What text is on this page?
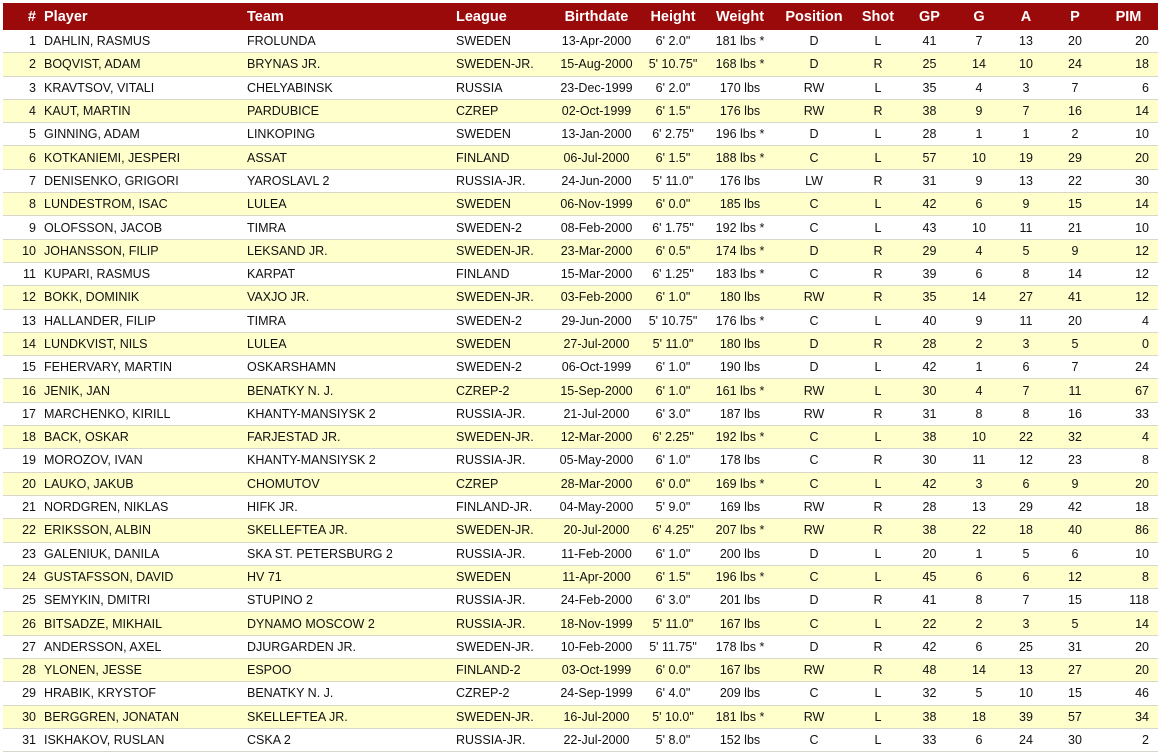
#	Player	Team	League	Birthdate	Height	Weight	Position	Shot	GP	G	A	P	PIM
1	DAHLIN, RASMUS	FROLUNDA	SWEDEN	13-Apr-2000	6' 2.0"	181 lbs *	D	L	41	7	13	20	20
2	BOQVIST, ADAM	BRYNAS JR.	SWEDEN-JR.	15-Aug-2000	5' 10.75"	168 lbs *	D	R	25	14	10	24	18
3	KRAVTSOV, VITALI	CHELYABINSK	RUSSIA	23-Dec-1999	6' 2.0"	170 lbs	RW	L	35	4	3	7	6
4	KAUT, MARTIN	PARDUBICE	CZREP	02-Oct-1999	6' 1.5"	176 lbs	RW	R	38	9	7	16	14
5	GINNING, ADAM	LINKOPING	SWEDEN	13-Jan-2000	6' 2.75"	196 lbs *	D	L	28	1	1	2	10
6	KOTKANIEMI, JESPERI	ASSAT	FINLAND	06-Jul-2000	6' 1.5"	188 lbs *	C	L	57	10	19	29	20
7	DENISENKO, GRIGORI	YAROSLAVL 2	RUSSIA-JR.	24-Jun-2000	5' 11.0"	176 lbs	LW	R	31	9	13	22	30
8	LUNDESTROM, ISAC	LULEA	SWEDEN	06-Nov-1999	6' 0.0"	185 lbs	C	L	42	6	9	15	14
9	OLOFSSON, JACOB	TIMRA	SWEDEN-2	08-Feb-2000	6' 1.75"	192 lbs *	C	L	43	10	11	21	10
10	JOHANSSON, FILIP	LEKSAND JR.	SWEDEN-JR.	23-Mar-2000	6' 0.5"	174 lbs *	D	R	29	4	5	9	12
11	KUPARI, RASMUS	KARPAT	FINLAND	15-Mar-2000	6' 1.25"	183 lbs *	C	R	39	6	8	14	12
12	BOKK, DOMINIK	VAXJO JR.	SWEDEN-JR.	03-Feb-2000	6' 1.0"	180 lbs	RW	R	35	14	27	41	12
13	HALLANDER, FILIP	TIMRA	SWEDEN-2	29-Jun-2000	5' 10.75"	176 lbs *	C	L	40	9	11	20	4
14	LUNDKVIST, NILS	LULEA	SWEDEN	27-Jul-2000	5' 11.0"	180 lbs	D	R	28	2	3	5	0
15	FEHERVARY, MARTIN	OSKARSHAMN	SWEDEN-2	06-Oct-1999	6' 1.0"	190 lbs	D	L	42	1	6	7	24
16	JENIK, JAN	BENATKY N. J.	CZREP-2	15-Sep-2000	6' 1.0"	161 lbs *	RW	L	30	4	7	11	67
17	MARCHENKO, KIRILL	KHANTY-MANSIYSK 2	RUSSIA-JR.	21-Jul-2000	6' 3.0"	187 lbs	RW	R	31	8	8	16	33
18	BACK, OSKAR	FARJESTAD JR.	SWEDEN-JR.	12-Mar-2000	6' 2.25"	192 lbs *	C	L	38	10	22	32	4
19	MOROZOV, IVAN	KHANTY-MANSIYSK 2	RUSSIA-JR.	05-May-2000	6' 1.0"	178 lbs	C	R	30	11	12	23	8
20	LAUKO, JAKUB	CHOMUTOV	CZREP	28-Mar-2000	6' 0.0"	169 lbs *	C	L	42	3	6	9	20
21	NORDGREN, NIKLAS	HIFK JR.	FINLAND-JR.	04-May-2000	5' 9.0"	169 lbs	RW	R	28	13	29	42	18
22	ERIKSSON, ALBIN	SKELLEFTEA JR.	SWEDEN-JR.	20-Jul-2000	6' 4.25"	207 lbs *	RW	R	38	22	18	40	86
23	GALENIUK, DANILA	SKA ST. PETERSBURG 2	RUSSIA-JR.	11-Feb-2000	6' 1.0"	200 lbs	D	L	20	1	5	6	10
24	GUSTAFSSON, DAVID	HV 71	SWEDEN	11-Apr-2000	6' 1.5"	196 lbs *	C	L	45	6	6	12	8
25	SEMYKIN, DMITRI	STUPINO 2	RUSSIA-JR.	24-Feb-2000	6' 3.0"	201 lbs	D	R	41	8	7	15	118
26	BITSADZE, MIKHAIL	DYNAMO MOSCOW 2	RUSSIA-JR.	18-Nov-1999	5' 11.0"	167 lbs	C	L	22	2	3	5	14
27	ANDERSSON, AXEL	DJURGARDEN JR.	SWEDEN-JR.	10-Feb-2000	5' 11.75"	178 lbs *	D	R	42	6	25	31	20
28	YLONEN, JESSE	ESPOO	FINLAND-2	03-Oct-1999	6' 0.0"	167 lbs	RW	R	48	14	13	27	20
29	HRABIK, KRYSTOF	BENATKY N. J.	CZREP-2	24-Sep-1999	6' 4.0"	209 lbs	C	L	32	5	10	15	46
30	BERGGREN, JONATAN	SKELLEFTEA JR.	SWEDEN-JR.	16-Jul-2000	5' 10.0"	181 lbs *	RW	L	38	18	39	57	34
31	ISKHAKOV, RUSLAN	CSKA 2	RUSSIA-JR.	22-Jul-2000	5' 8.0"	152 lbs	C	L	33	6	24	30	2
